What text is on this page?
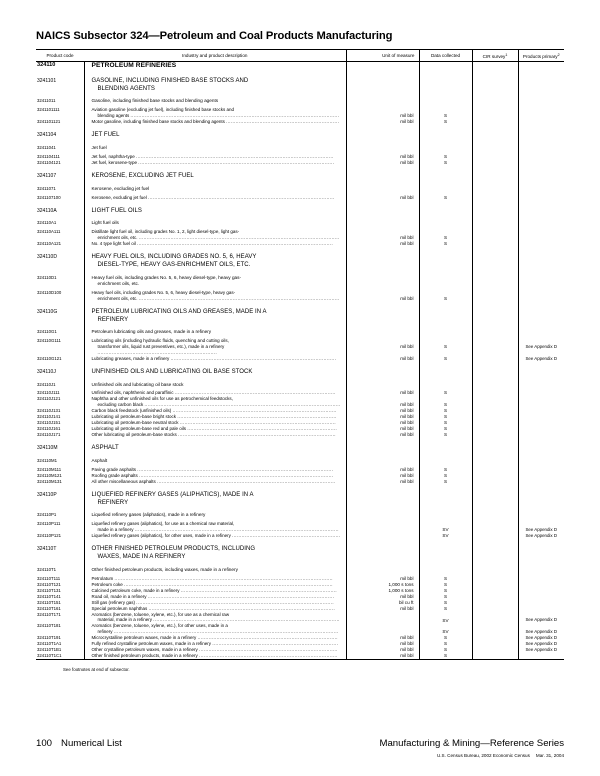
NAICS Subsector 324—Petroleum and Coal Products Manufacturing
Product code	Industry and product description	Unit of measure	Data collected	CIR survey$^1$	Products primary$^2$
324110	PETROLEUM REFINERIES				

3241101	GASOLINE, INCLUDING FINISHED BASE STOCKS AND
BLENDING AGENTS				

32411011	Gasoline, including finished base stocks and blending agents				

3241101111	Aviation gasoline (excluding jet fuel), including finished base stocks and
blending agents ...................................................................................................................................	mil bbl	S		

3241101121	Motor gasoline, including finished base stocks and blending agents .......................................................................	mil bbl	S		

3241104	JET FUEL				

32411041	Jet fuel				

3241104111	Jet fuel, naphtha-type ............................................................................................................................	mil bbl	S		

3241104121	Jet fuel, kerosene-type ...........................................................................................................................	mil bbl	S		

3241107	KEROSENE, EXCLUDING JET FUEL				

32411071	Kerosene, excluding jet fuel				

3241107100	Kerosene, excluding jet fuel .....................................................................................................................	mil bbl	S		

324110A	LIGHT FUEL OILS				

324110A1	Light fuel oils				

324110A111	Distillate light fuel oil, including grades No. 1, 2, light diesel-type, light gas-
enrichment oils, etc. ..............................................................................................................................	mil bbl	S		

324110A121	No. 4 type light fuel oil ...........................................................................................................................	mil bbl	S		

324110D	HEAVY FUEL OILS, INCLUDING GRADES NO. 5, 6, HEAVY
DIESEL-TYPE, HEAVY GAS-ENRICHMENT OILS, ETC.				

324110D1	Heavy fuel oils, including grades No. 5, 6, heavy diesel-type, heavy gas-
enrichment oils, etc.				

324110D100	Heavy fuel oils, including grades No. 5, 6, heavy diesel-type, heavy gas-
enrichment oils, etc. ..............................................................................................................................	mil bbl	S		

324110G	PETROLEUM LUBRICATING OILS AND GREASES, MADE IN A
REFINERY				

324110G1	Petroleum lubricating oils and greases, made in a refinery				

324110G111	Lubricating oils (including hydraulic fluids, quenching and cutting oils,
transformer oils, liquid rust preventives, etc.), made in a refinery ...........................................................................	mil bbl	S		See Appendix D

324110G121	Lubricating greases, made in a refinery ........................................................................................................	mil bbl	S		See Appendix D

324110J	UNFINISHED OILS AND LUBRICATING OIL BASE STOCK				

324110J1	Unfinished oils and lubricating oil base stock				

324110J111	Unfinished oils, naphthenic and paraffinic .....................................................................................................	mil bbl	S		

324110J121	Naphtha and other unfinished oils for use as petrochemical feedstocks,
excluding carbon black ...........................................................................................................................	mil bbl	S		

324110J131	Carbon black feedstock (unfinished oils) .......................................................................................................	mil bbl	S		

324110J141	Lubricating oil petroleum-base bright stock ....................................................................................................	mil bbl	S		

324110J151	Lubricating oil petroleum-base neutral stock ..................................................................................................	mil bbl	S		

324110J161	Lubricating oil petroleum-base red and pale oils ..............................................................................................	mil bbl	S		

324110J171	Other lubricating oil petroleum-base stocks ...................................................................................................	mil bbl	S		

324110M	ASPHALT				

324110M1	Asphalt				

324110M111	Paving grade asphalts ...........................................................................................................................	mil bbl	S		

324110M121	Roofing grade asphalts ..........................................................................................................................	mil bbl	S		

324110M131	All other miscellaneous asphalts ................................................................................................................	mil bbl	S		

324110P	LIQUEFIED REFINERY GASES (ALIPHATICS), MADE IN A
REFINERY				

324110P1	Liquefied refinery gases (aliphatics), made in a refinery				

324110P111	Liquefied refinery gases (aliphatics), for use as a chemical raw material,
made in a refinery ................................................................................................................................		SV		See Appendix D

324110P121	Liquefied refinery gases (aliphatics), for other uses, made in a refinery ....................................................................		SV		See Appendix D

324110T	OTHER FINISHED PETROLEUM PRODUCTS, INCLUDING
WAXES, MADE IN A REFINERY				

324110T1	Other finished petroleum products, including waxes, made in a refinery				

324110T111	Petrolatum .........................................................................................................................................	mil bbl	S		

324110T121	Petroleum coke ...................................................................................................................................	1,000 s tons	S		

324110T131	Calcined petroleum coke, made in a refinery ..................................................................................................	1,000 s tons	S		

324110T141	Road oil, made in a refinery .....................................................................................................................	mil bbl	S		

324110T151	Still gas (refinery gas) ............................................................................................................................	bil cu ft	S		

324110T161	Special petroleum naphthas .....................................................................................................................	mil bbl	S		

324110T171	Aromatics (benzene, toluene, xylene, etc.), for use as a chemical raw
material, made in a refinery .....................................................................................................................		SV		See Appendix D

324110T181	Aromatics (benzene, toluene, xylene, etc.), for other uses, made in a
refinery .............................................................................................................................................		SV		See Appendix D

324110T191	Microcrystalline petroleum waxes, made in a refinery ........................................................................................	mil bbl	S		See Appendix D

324110T1A1	Fully refined crystalline petroleum waxes, made in a refinery ...............................................................................	mil bbl	S		See Appendix D

324110T1B1	Other crystalline petroleum waxes, made in a refinery .......................................................................................	mil bbl	S		See Appendix D

324110T1C1	Other finished petroleum products, made in a refinery .......................................................................................	mil bbl	S		

See footnotes at end of subsector.
100 Numerical List	Manufacturing & Mining—Reference Series
U.S. Census Bureau, 2002 Economic Census Mar. 31, 2004
